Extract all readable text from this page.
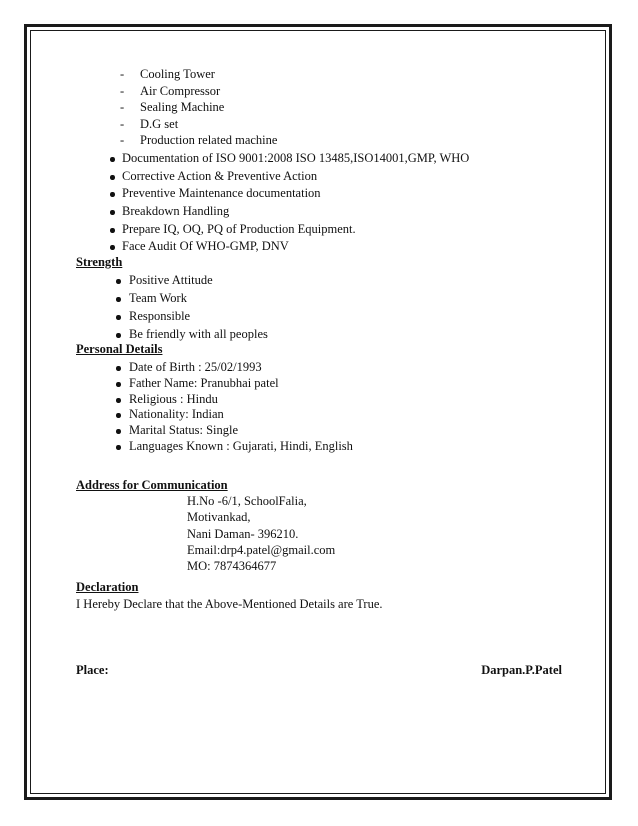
- Cooling Tower
- Air Compressor
- Sealing Machine
- D.G set
- Production related machine
Documentation of ISO 9001:2008 ISO 13485,ISO14001,GMP, WHO
Corrective Action & Preventive Action
Preventive Maintenance documentation
Breakdown Handling
Prepare IQ, OQ, PQ of Production Equipment.
Face Audit Of WHO-GMP, DNV
Strength
Positive Attitude
Team Work
Responsible
Be friendly with all peoples
Personal Details
Date of Birth : 25/02/1993
Father Name: Pranubhai patel
Religious : Hindu
Nationality: Indian
Marital Status: Single
Languages Known : Gujarati, Hindi, English
Address for Communication
H.No -6/1, SchoolFalia,
Motivankad,
Nani Daman- 396210.
Email:drp4.patel@gmail.com
MO: 7874364677
Declaration
I Hereby Declare that the Above-Mentioned Details are True.
Place:	Darpan.P.Patel
